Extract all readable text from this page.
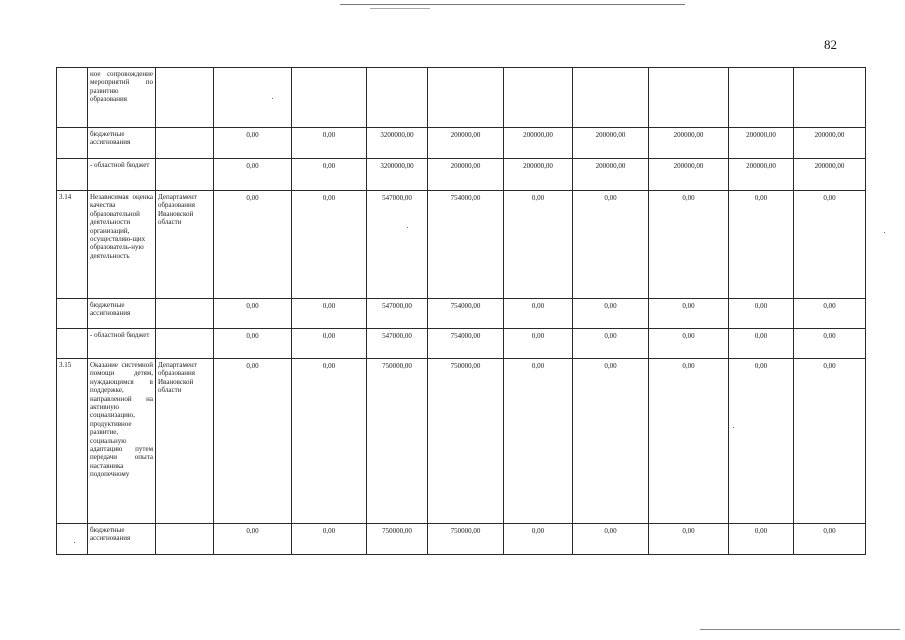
82
	ное сопровождение мероприятий по развитию образования										
	бюджетные ассигнования		0,00	0,00	3200000,00	200000,00	200000,00	200000,00	200000,00	200000,00	200000,00
	- областной бюджет		0,00	0,00	3200000,00	200000,00	200000,00	200000,00	200000,00	200000,00	200000,00
3.14	Независимая оценка качества образовательной деятельности организаций, осуществляю-щих образователь-ную деятельность	Департамент образования Ивановской области	0,00	0,00	547000,00	754000,00	0,00	0,00	0,00	0,00	0,00
	бюджетные ассигнования		0,00	0,00	547000,00	754000,00	0,00	0,00	0,00	0,00	0,00
	- областной бюджет		0,00	0,00	547000,00	754000,00	0,00	0,00	0,00	0,00	0,00
3.15	Оказание системной помощи детям, нуждающимся в поддержке, направленной на активную социализацию, продуктивное развитие, социальную адаптацию путем передачи опыта наставника подопечному	Департамент образования Ивановской области	0,00	0,00	750000,00	750000,00	0,00	0,00	0,00	0,00	0,00
	бюджетные ассигнования		0,00	0,00	750000,00	750000,00	0,00	0,00	0,00	0,00	0,00
